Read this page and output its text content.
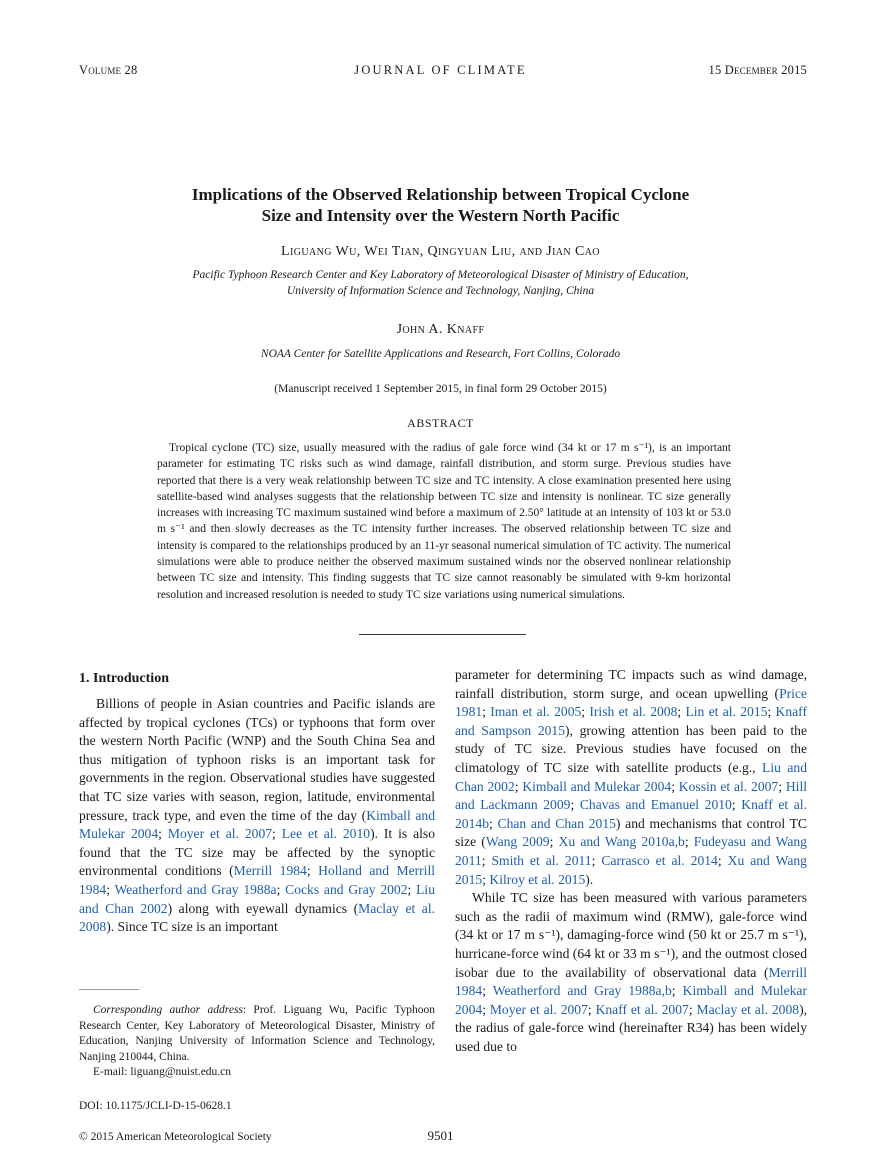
Volume 28	JOURNAL OF CLIMATE	15 December 2015
Implications of the Observed Relationship between Tropical Cyclone
Size and Intensity over the Western North Pacific
Liguang Wu, Wei Tian, Qingyuan Liu, and Jian Cao
Pacific Typhoon Research Center and Key Laboratory of Meteorological Disaster of Ministry of Education,
University of Information Science and Technology, Nanjing, China
John A. Knaff
NOAA Center for Satellite Applications and Research, Fort Collins, Colorado
(Manuscript received 1 September 2015, in final form 29 October 2015)
ABSTRACT

Tropical cyclone (TC) size, usually measured with the radius of gale force wind (34 kt or 17 m s⁻¹), is an important parameter for estimating TC risks such as wind damage, rainfall distribution, and storm surge. Previous studies have reported that there is a very weak relationship between TC size and TC intensity. A close examination presented here using satellite-based wind analyses suggests that the relationship between TC size and intensity is nonlinear. TC size generally increases with increasing TC maximum sustained wind before a maximum of 2.50° latitude at an intensity of 103 kt or 53.0 m s⁻¹ and then slowly decreases as the TC intensity further increases. The observed relationship between TC size and intensity is compared to the relationships produced by an 11-yr seasonal numerical simulation of TC activity. The numerical simulations were able to produce neither the observed maximum sustained winds nor the observed nonlinear relationship between TC size and intensity. This finding suggests that TC size cannot reasonably be simulated with 9-km horizontal resolution and increased resolution is needed to study TC size variations using numerical simulations.

1. Introduction

Billions of people in Asian countries and Pacific islands are affected by tropical cyclones (TCs) or typhoons that form over the western North Pacific (WNP) and the South China Sea and thus mitigation of typhoon risks is an important task for governments in the region. Observational studies have suggested that TC size varies with season, region, latitude, environmental pressure, track type, and even the time of the day (Kimball and Mulekar 2004; Moyer et al. 2007; Lee et al. 2010). It is also found that the TC size may be affected by the synoptic environmental conditions (Merrill 1984; Holland and Merrill 1984; Weatherford and Gray 1988a; Cocks and Gray 2002; Liu and Chan 2002) along with eyewall dynamics (Maclay et al. 2008). Since TC size is an important

parameter for determining TC impacts such as wind damage, rainfall distribution, storm surge, and ocean upwelling (Price 1981; Iman et al. 2005; Irish et al. 2008; Lin et al. 2015; Knaff and Sampson 2015), growing attention has been paid to the study of TC size. Previous studies have focused on the climatology of TC size with satellite products (e.g., Liu and Chan 2002; Kimball and Mulekar 2004; Kossin et al. 2007; Hill and Lackmann 2009; Chavas and Emanuel 2010; Knaff et al. 2014b; Chan and Chan 2015) and mechanisms that control TC size (Wang 2009; Xu and Wang 2010a,b; Fudeyasu and Wang 2011; Smith et al. 2011; Carrasco et al. 2014; Xu and Wang 2015; Kilroy et al. 2015).

While TC size has been measured with various parameters such as the radii of maximum wind (RMW), gale-force wind (34 kt or 17 m s⁻¹), damaging-force wind (50 kt or 25.7 m s⁻¹), hurricane-force wind (64 kt or 33 m s⁻¹), and the outmost closed isobar due to the availability of observational data (Merrill 1984; Weatherford and Gray 1988a,b; Kimball and Mulekar 2004; Moyer et al. 2007; Knaff et al. 2007; Maclay et al. 2008), the radius of gale-force wind (hereinafter R34) has been widely used due to

Corresponding author address: Prof. Liguang Wu, Pacific Typhoon Research Center, Key Laboratory of Meteorological Disaster, Ministry of Education, Nanjing University of Information Science and Technology, Nanjing 210044, China.
E-mail: liguang@nuist.edu.cn
DOI: 10.1175/JCLI-D-15-0628.1
© 2015 American Meteorological Society	9501
